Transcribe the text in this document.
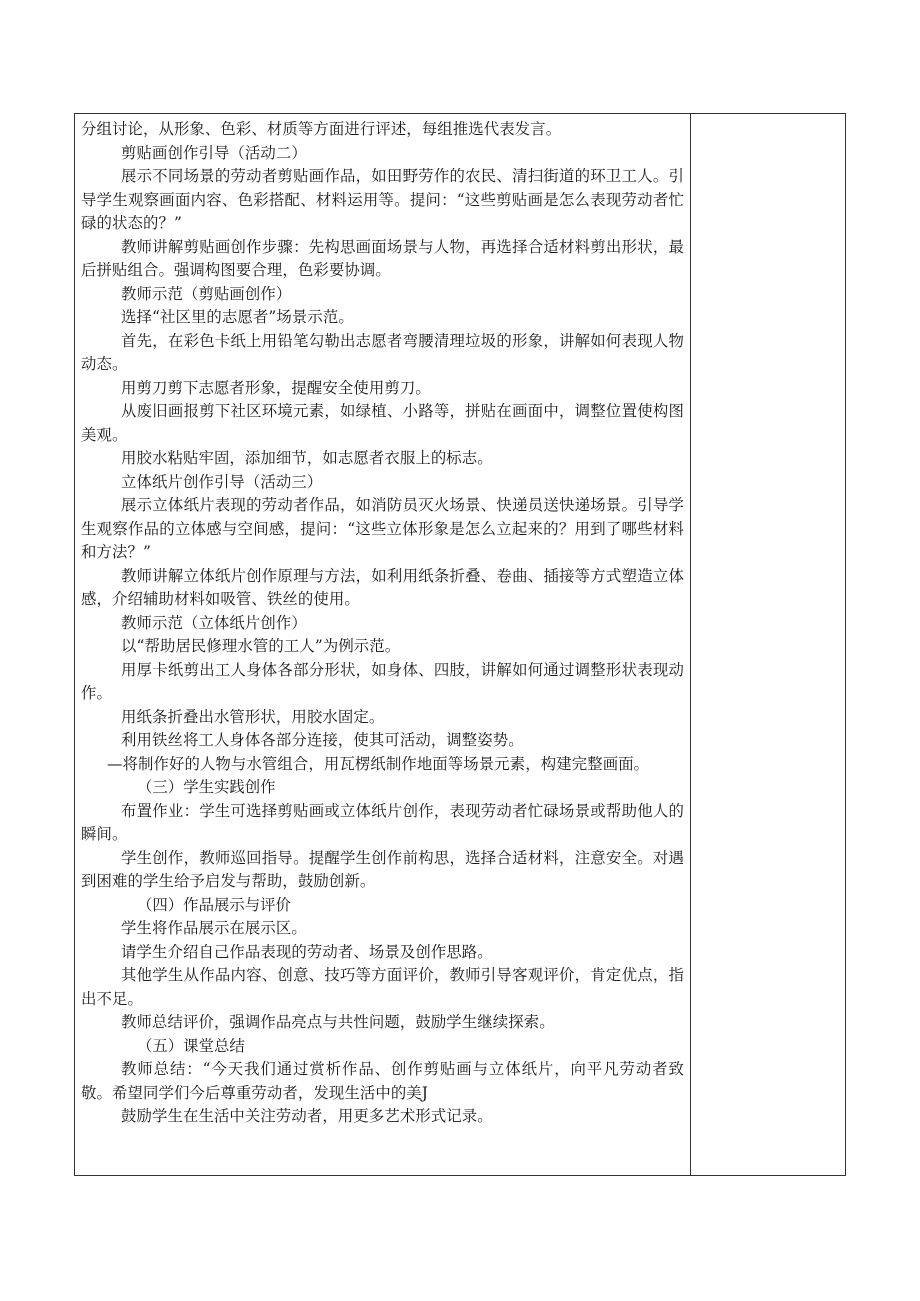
分组讨论，从形象、色彩、材质等方面进行评述，每组推选代表发言。

剪贴画创作引导（活动二）

展示不同场景的劳动者剪贴画作品，如田野劳作的农民、清扫街道的环卫工人。引导学生观察画面内容、色彩搭配、材料运用等。提问：“这些剪贴画是怎么表现劳动者忙碌的状态的？”

教师讲解剪贴画创作步骤：先构思画面场景与人物，再选择合适材料剪出形状，最后拼贴组合。强调构图要合理，色彩要协调。

教师示范（剪贴画创作）

选择“社区里的志愿者”场景示范。

首先，在彩色卡纸上用铅笔勾勒出志愿者弯腰清理垃圾的形象，讲解如何表现人物动态。

用剪刀剪下志愿者形象，提醒安全使用剪刀。

从废旧画报剪下社区环境元素，如绿植、小路等，拼贴在画面中，调整位置使构图美观。

用胶水粘贴牢固，添加细节，如志愿者衣服上的标志。

立体纸片创作引导（活动三）

展示立体纸片表现的劳动者作品，如消防员灭火场景、快递员送快递场景。引导学生观察作品的立体感与空间感，提问：“这些立体形象是怎么立起来的？用到了哪些材料和方法？”

教师讲解立体纸片创作原理与方法，如利用纸条折叠、卷曲、插接等方式塑造立体感，介绍辅助材料如吸管、铁丝的使用。

教师示范（立体纸片创作）

以“帮助居民修理水管的工人”为例示范。

用厚卡纸剪出工人身体各部分形状，如身体、四肢，讲解如何通过调整形状表现动作。

用纸条折叠出水管形状，用胶水固定。

利用铁丝将工人身体各部分连接，使其可活动，调整姿势。

—将制作好的人物与水管组合，用瓦楞纸制作地面等场景元素，构建完整画面。

（三）学生实践创作

布置作业：学生可选择剪贴画或立体纸片创作，表现劳动者忙碌场景或帮助他人的瞬间。

学生创作，教师巡回指导。提醒学生创作前构思，选择合适材料，注意安全。对遇到困难的学生给予启发与帮助，鼓励创新。

（四）作品展示与评价

学生将作品展示在展示区。

请学生介绍自己作品表现的劳动者、场景及创作思路。

其他学生从作品内容、创意、技巧等方面评价，教师引导客观评价，肯定优点，指出不足。

教师总结评价，强调作品亮点与共性问题，鼓励学生继续探索。

（五）课堂总结

教师总结：“今天我们通过赏析作品、创作剪贴画与立体纸片，向平凡劳动者致敬。希望同学们今后尊重劳动者，发现生活中的美J

鼓励学生在生活中关注劳动者，用更多艺术形式记录。
